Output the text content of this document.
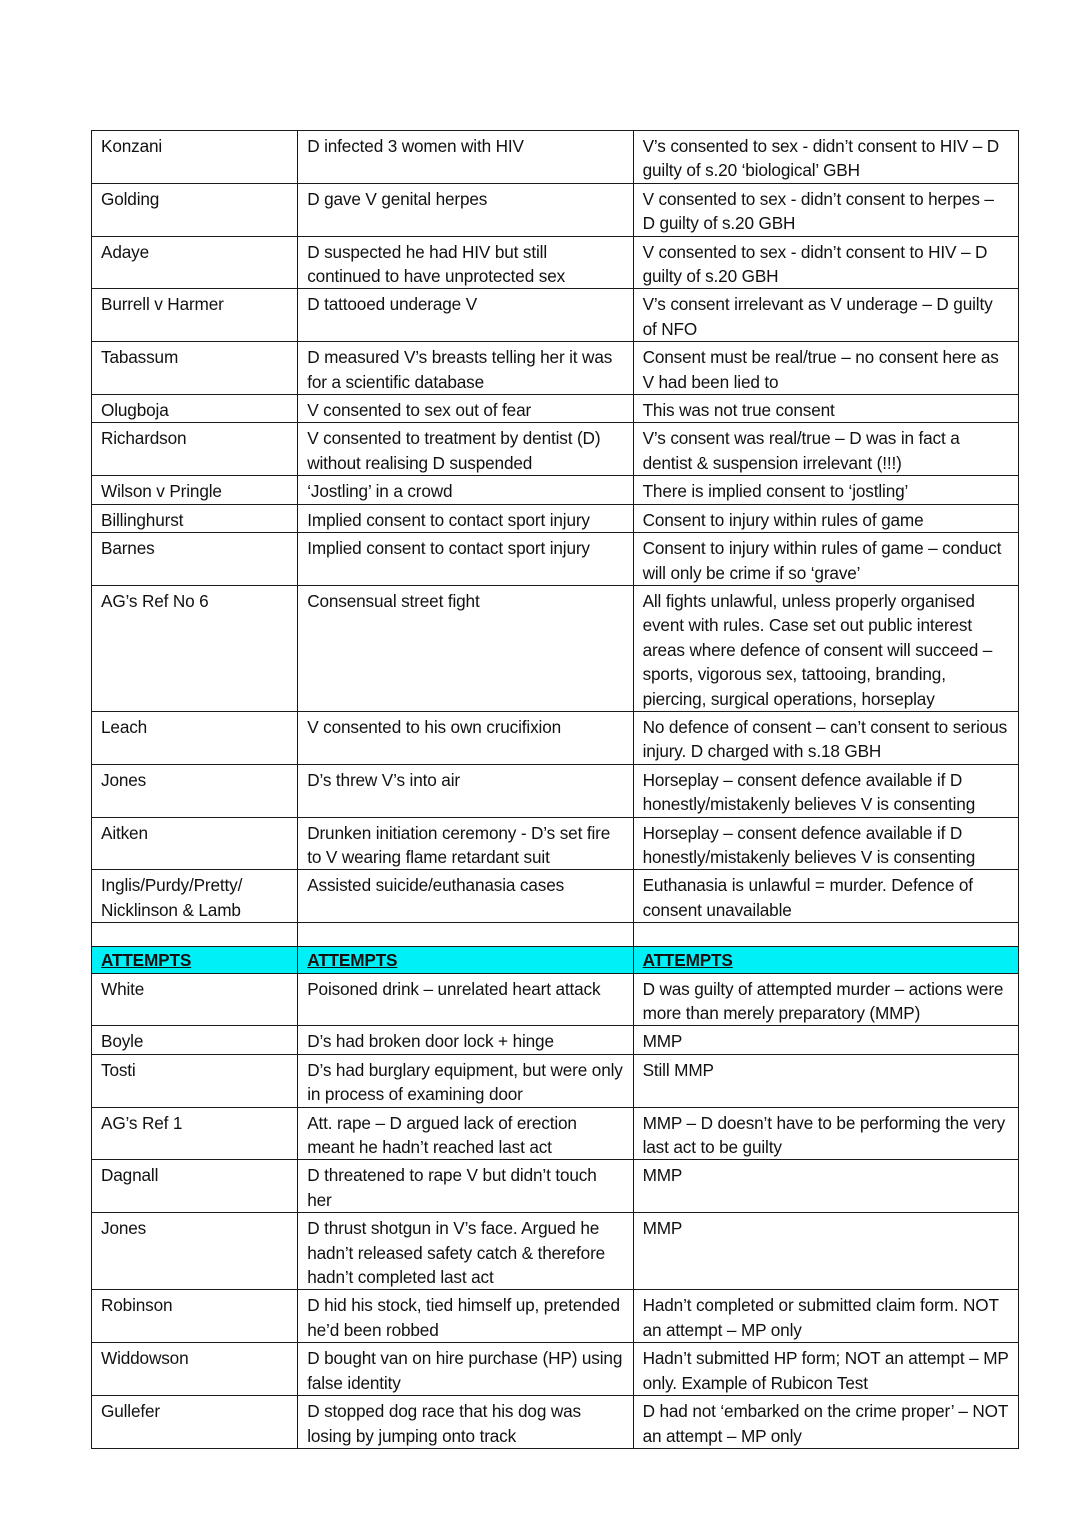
Konzani	D infected 3 women with HIV	V’s consented to sex - didn’t consent to HIV – D guilty of s.20 ‘biological’ GBH
Golding	D gave V genital herpes	V consented to sex - didn’t consent to herpes – D guilty of s.20 GBH
Adaye	D suspected he had HIV but still continued to have unprotected sex	V consented to sex - didn’t consent to HIV – D guilty of s.20 GBH
Burrell v Harmer	D tattooed underage V	V’s consent irrelevant as V underage – D guilty of NFO
Tabassum	D measured V’s breasts telling her it was for a scientific database	Consent must be real/true – no consent here as V had been lied to
Olugboja	V consented to sex out of fear	This was not true consent
Richardson	V consented to treatment by dentist (D) without realising D suspended	V’s consent was real/true – D was in fact a dentist & suspension irrelevant (!!!)
Wilson v Pringle	‘Jostling’ in a crowd	There is implied consent to ‘jostling’
Billinghurst	Implied consent to contact sport injury	Consent to injury within rules of game
Barnes	Implied consent to contact sport injury	Consent to injury within rules of game – conduct will only be crime if so ‘grave’
AG’s Ref No 6	Consensual street fight	All fights unlawful, unless properly organised event with rules. Case set out public interest areas where defence of consent will succeed – sports, vigorous sex, tattooing, branding, piercing, surgical operations, horseplay
Leach	V consented to his own crucifixion	No defence of consent – can’t consent to serious injury. D charged with s.18 GBH
Jones	D’s threw V’s into air	Horseplay – consent defence available if D honestly/mistakenly believes V is consenting
Aitken	Drunken initiation ceremony - D’s set fire to V wearing flame retardant suit	Horseplay – consent defence available if D honestly/mistakenly believes V is consenting
Inglis/Purdy/Pretty/ Nicklinson & Lamb	Assisted suicide/euthanasia cases	Euthanasia is unlawful = murder. Defence of consent unavailable

ATTEMPTS	ATTEMPTS	ATTEMPTS
White	Poisoned drink – unrelated heart attack	D was guilty of attempted murder – actions were more than merely preparatory (MMP)
Boyle	D’s had broken door lock + hinge	MMP
Tosti	D’s had burglary equipment, but were only in process of examining door	Still MMP
AG’s Ref 1	Att. rape – D argued lack of erection meant he hadn’t reached last act	MMP – D doesn’t have to be performing the very last act to be guilty
Dagnall	D threatened to rape V but didn’t touch her	MMP
Jones	D thrust shotgun in V’s face. Argued he hadn’t released safety catch & therefore hadn’t completed last act	MMP
Robinson	D hid his stock, tied himself up, pretended he’d been robbed	Hadn’t completed or submitted claim form. NOT an attempt – MP only
Widdowson	D bought van on hire purchase (HP) using false identity	Hadn’t submitted HP form; NOT an attempt – MP only. Example of Rubicon Test
Gullefer	D stopped dog race that his dog was losing by jumping onto track	D had not ‘embarked on the crime proper’ – NOT an attempt – MP only
